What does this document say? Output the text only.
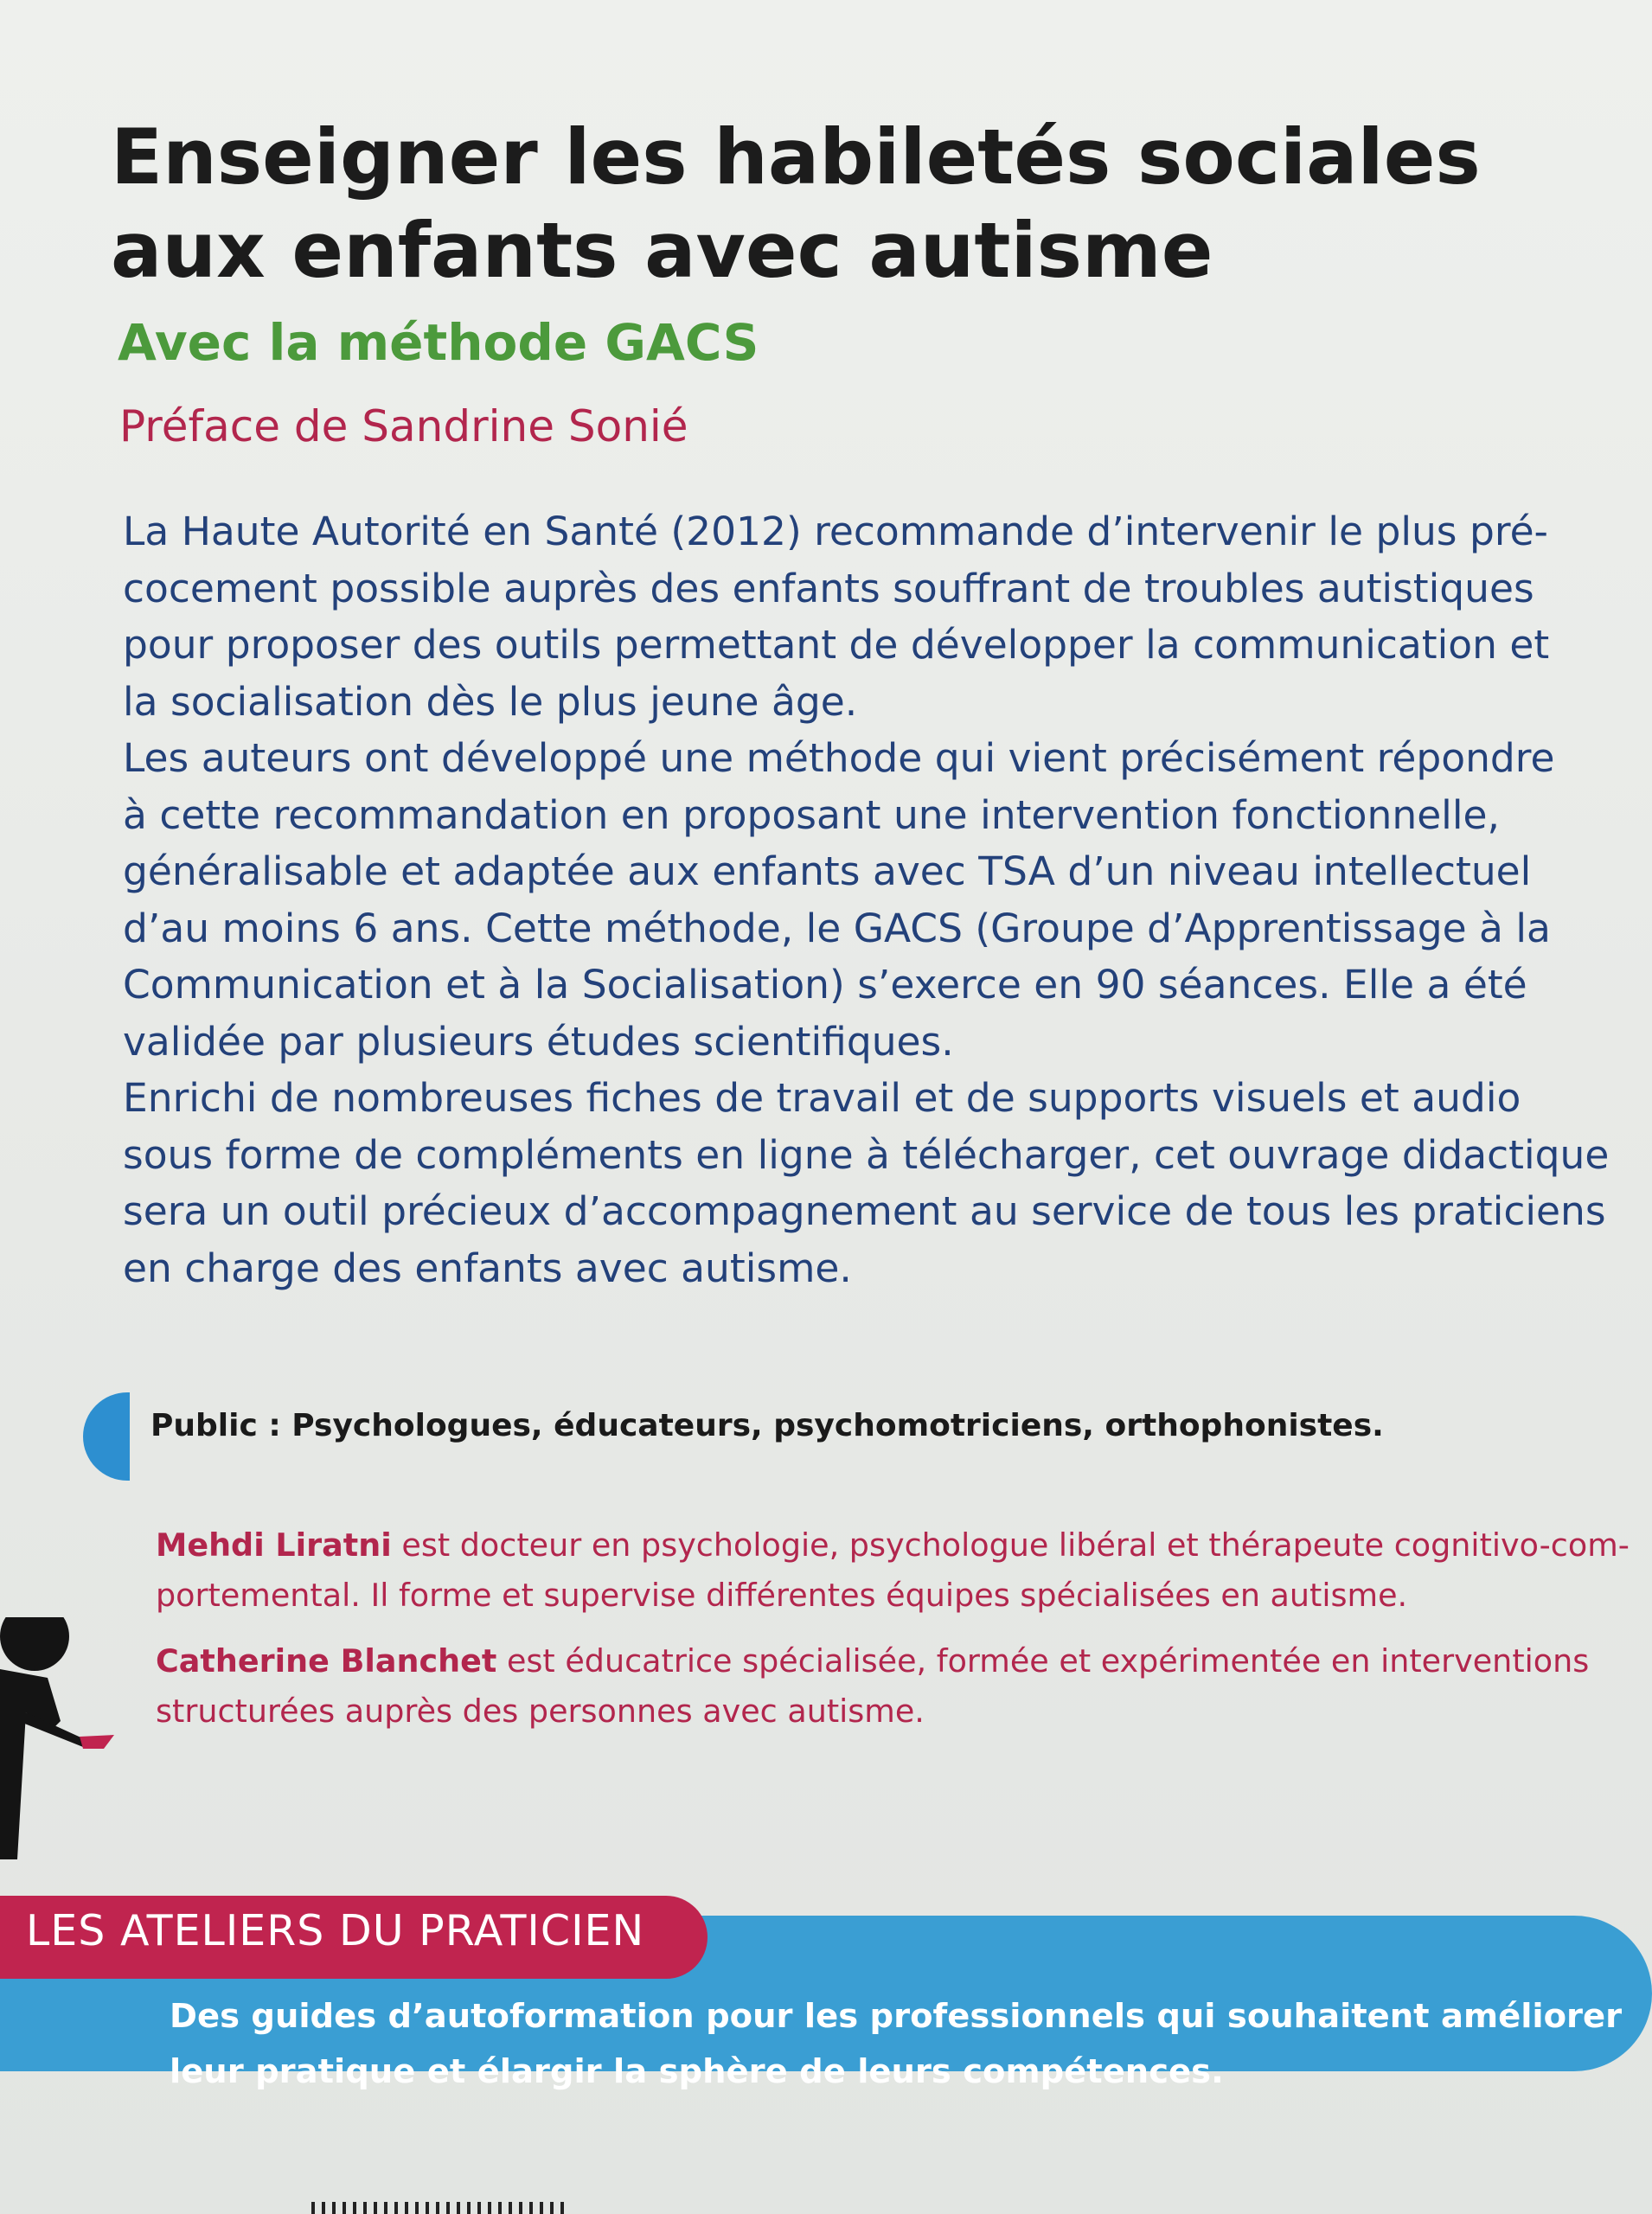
Enseigner les habiletés sociales
aux enfants avec autisme
Avec la méthode GACS
Préface de Sandrine Sonié
La Haute Autorité en Santé (2012) recommande d’intervenir le plus pré-
cocement possible auprès des enfants souffrant de troubles autistiques
pour proposer des outils permettant de développer la communication et
la socialisation dès le plus jeune âge.
Les auteurs ont développé une méthode qui vient précisément répondre
à cette recommandation en proposant une intervention fonctionnelle,
généralisable et adaptée aux enfants avec TSA d’un niveau intellectuel
d’au moins 6 ans. Cette méthode, le GACS (Groupe d’Apprentissage à la
Communication et à la Socialisation) s’exerce en 90 séances. Elle a été
validée par plusieurs études scientifiques.
Enrichi de nombreuses fiches de travail et de supports visuels et audio
sous forme de compléments en ligne à télécharger, cet ouvrage didactique
sera un outil précieux d’accompagnement au service de tous les praticiens
en charge des enfants avec autisme.
Public : Psychologues, éducateurs, psychomotriciens, orthophonistes.
Mehdi Liratni est docteur en psychologie, psychologue libéral et thérapeute cognitivo-com-
portemental. Il forme et supervise différentes équipes spécialisées en autisme.
Catherine Blanchet est éducatrice spécialisée, formée et expérimentée en interventions
structurées auprès des personnes avec autisme.
LES ATELIERS DU PRATICIEN
Des guides d’autoformation pour les professionnels qui souhaitent améliorer
leur pratique et élargir la sphère de leurs compétences.
